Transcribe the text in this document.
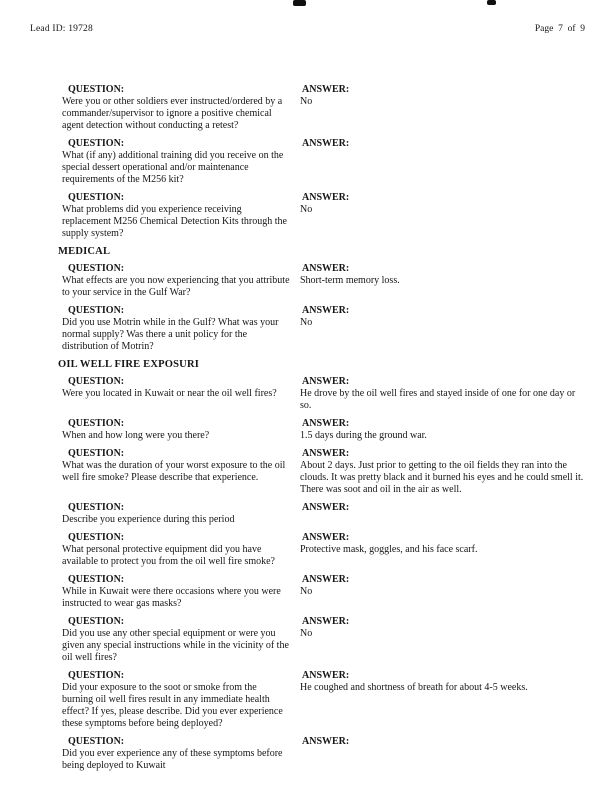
Lead ID: 19728	Page  7  of  9
QUESTION:
Were you or other soldiers ever instructed/ordered by a commander/supervisor to ignore a positive chemical agent detection without conducting a retest?
ANSWER:
No
QUESTION:
What (if any) additional training did you receive on the special dessert operational and/or maintenance requirements of the M256 kit?
ANSWER:
QUESTION:
What problems did you experience receiving replacement M256 Chemical Detection Kits through the supply system?
ANSWER:
No
MEDICAL
QUESTION:
What effects are you now experiencing that you attribute to your service in the Gulf War?
ANSWER:
Short-term memory loss.
QUESTION:
Did you use Motrin while in the Gulf? What was your normal supply? Was there a unit policy for the distribution of Motrin?
ANSWER:
No
OIL WELL FIRE EXPOSURI
QUESTION:
Were you located in Kuwait or near the oil well fires?
ANSWER:
He drove by the oil well fires and stayed inside of one for one day or so.
QUESTION:
When and how long were you there?
ANSWER:
1.5 days during the ground war.
QUESTION:
What was the duration of your worst exposure to the oil well fire smoke? Please describe that experience.
ANSWER:
About 2 days. Just prior to getting to the oil fields they ran into the clouds. It was pretty black and it burned his eyes and he could smell it. There was soot and oil in the air as well.
QUESTION:
Describe you experience during this period
ANSWER:
QUESTION:
What personal protective equipment did you have available to protect you from the oil well fire smoke?
ANSWER:
Protective mask, goggles, and his face scarf.
QUESTION:
While in Kuwait were there occasions where you were instructed to wear gas masks?
ANSWER:
No
QUESTION:
Did you use any other special equipment or were you given any special instructions while in the vicinity of the oil well fires?
ANSWER:
No
QUESTION:
Did your exposure to the soot or smoke from the burning oil well fires result in any immediate health effect? If yes, please describe. Did you ever experience these symptoms before being deployed?
ANSWER:
He coughed and shortness of breath for about 4-5 weeks.
QUESTION:
Did you ever experience any of these symptoms before being deployed to Kuwait
ANSWER:
